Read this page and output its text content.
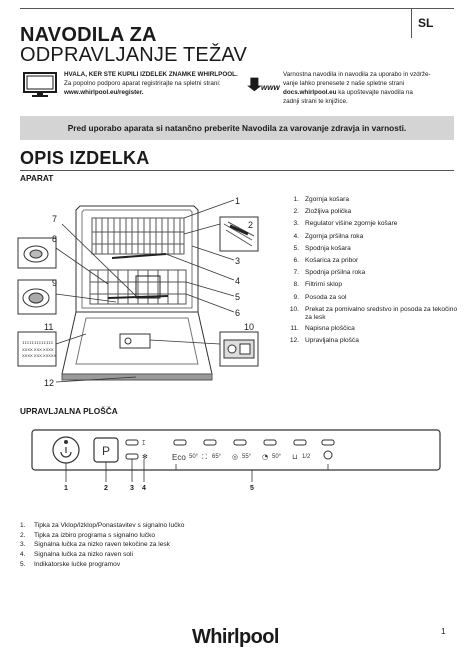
SL
NAVODILA ZA
ODPRAVLJANJE TEŽAV
HVALA, KER STE KUPILI IZDELEK ZNAMKE WHIRLPOOL.
Za popolno podporo aparat registrirajte na spletni strani:
www.whirlpool.eu/register.
www
Varnostna navodila in navodila za uporabo in vzdrže-
vanje lahko prenesete z naše spletne strani
docs.whirlpool.eu ka upoštevajte navodila na
zadnji strani te knjižice.
Pred uporabo aparata si natančno preberite Navodila za varovanje zdravja in varnosti.
OPIS IZDELKA
APARAT
IIIIIIIIIIIII
XXXX XXX XXXX
XXXX XXX XXXXX
1
2
3
4
5
6
7
8
9
10
11
12
1. Zgornja košara
2. Zložljiva polička
3. Regulator višine zgornje košare
4. Zgornja pršilna roka
5. Spodnja košara
6. Košarica za pribor
7. Spodnja pršilna roka
8. Filtrirni sklop
9. Posoda za sol
10. Prekat za pomivalno sredstvo in posoda za tekočino za lesk
11. Napisna ploščica
12. Upravljalna plošča
UPRAVLJALNA PLOŠČA
P
ꕯ
✻	Eco 50° ⛶ 65° ◎ 55° ◔ 50° ⊔ 1/2
1	2	3 4	5
1. Tipka za Vklop/Izklop/Ponastavitev s signalno lučko
2. Tipka za izbiro programa s signalno lučko
3. Signalna lučka za nizko raven tekočine za lesk
4. Signalna lučka za nizko raven soli
5. Indikatorske lučke programov
Whirlpool	1
